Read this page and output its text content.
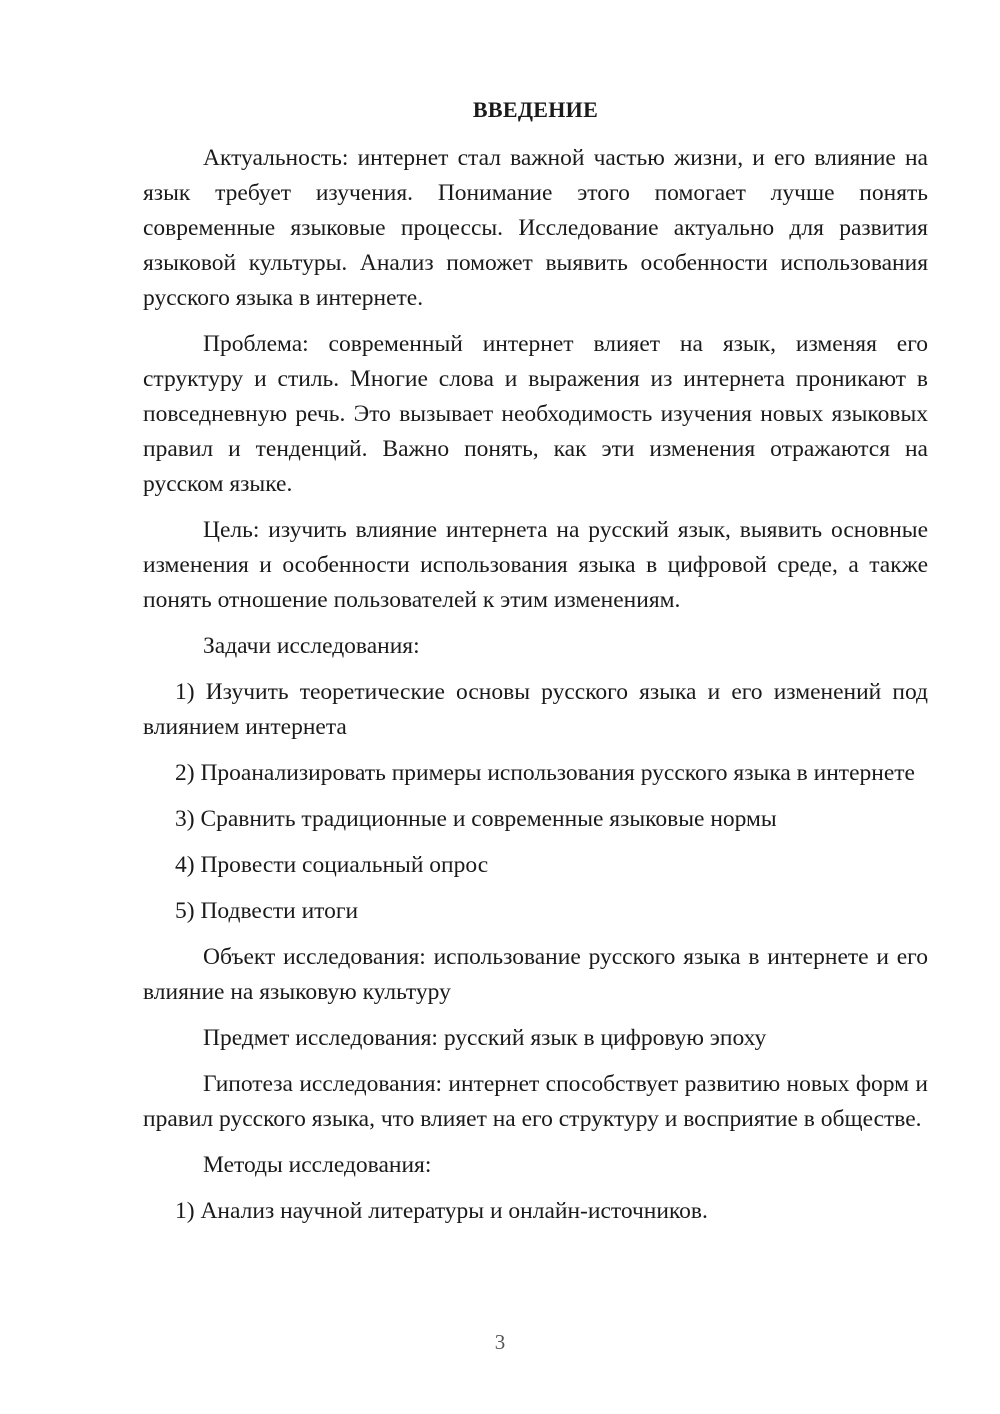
ВВЕДЕНИЕ

Актуальность: интернет стал важной частью жизни, и его влияние на язык требует изучения. Понимание этого помогает лучше понять современные языковые процессы. Исследование актуально для развития языковой культуры. Анализ поможет выявить особенности использования русского языка в интернете.

Проблема: современный интернет влияет на язык, изменяя его структуру и стиль. Многие слова и выражения из интернета проникают в повседневную речь. Это вызывает необходимость изучения новых языковых правил и тенденций. Важно понять, как эти изменения отражаются на русском языке.

Цель: изучить влияние интернета на русский язык, выявить основные изменения и особенности использования языка в цифровой среде, а также понять отношение пользователей к этим изменениям.

Задачи исследования:

1) Изучить теоретические основы русского языка и его изменений под влиянием интернета

2) Проанализировать примеры использования русского языка в интернете

3) Сравнить традиционные и современные языковые нормы

4) Провести социальный опрос

5) Подвести итоги

Объект исследования: использование русского языка в интернете и его влияние на языковую культуру

Предмет исследования: русский язык в цифровую эпоху

Гипотеза исследования: интернет способствует развитию новых форм и правил русского языка, что влияет на его структуру и восприятие в обществе.

Методы исследования:

1) Анализ научной литературы и онлайн-источников.

3
